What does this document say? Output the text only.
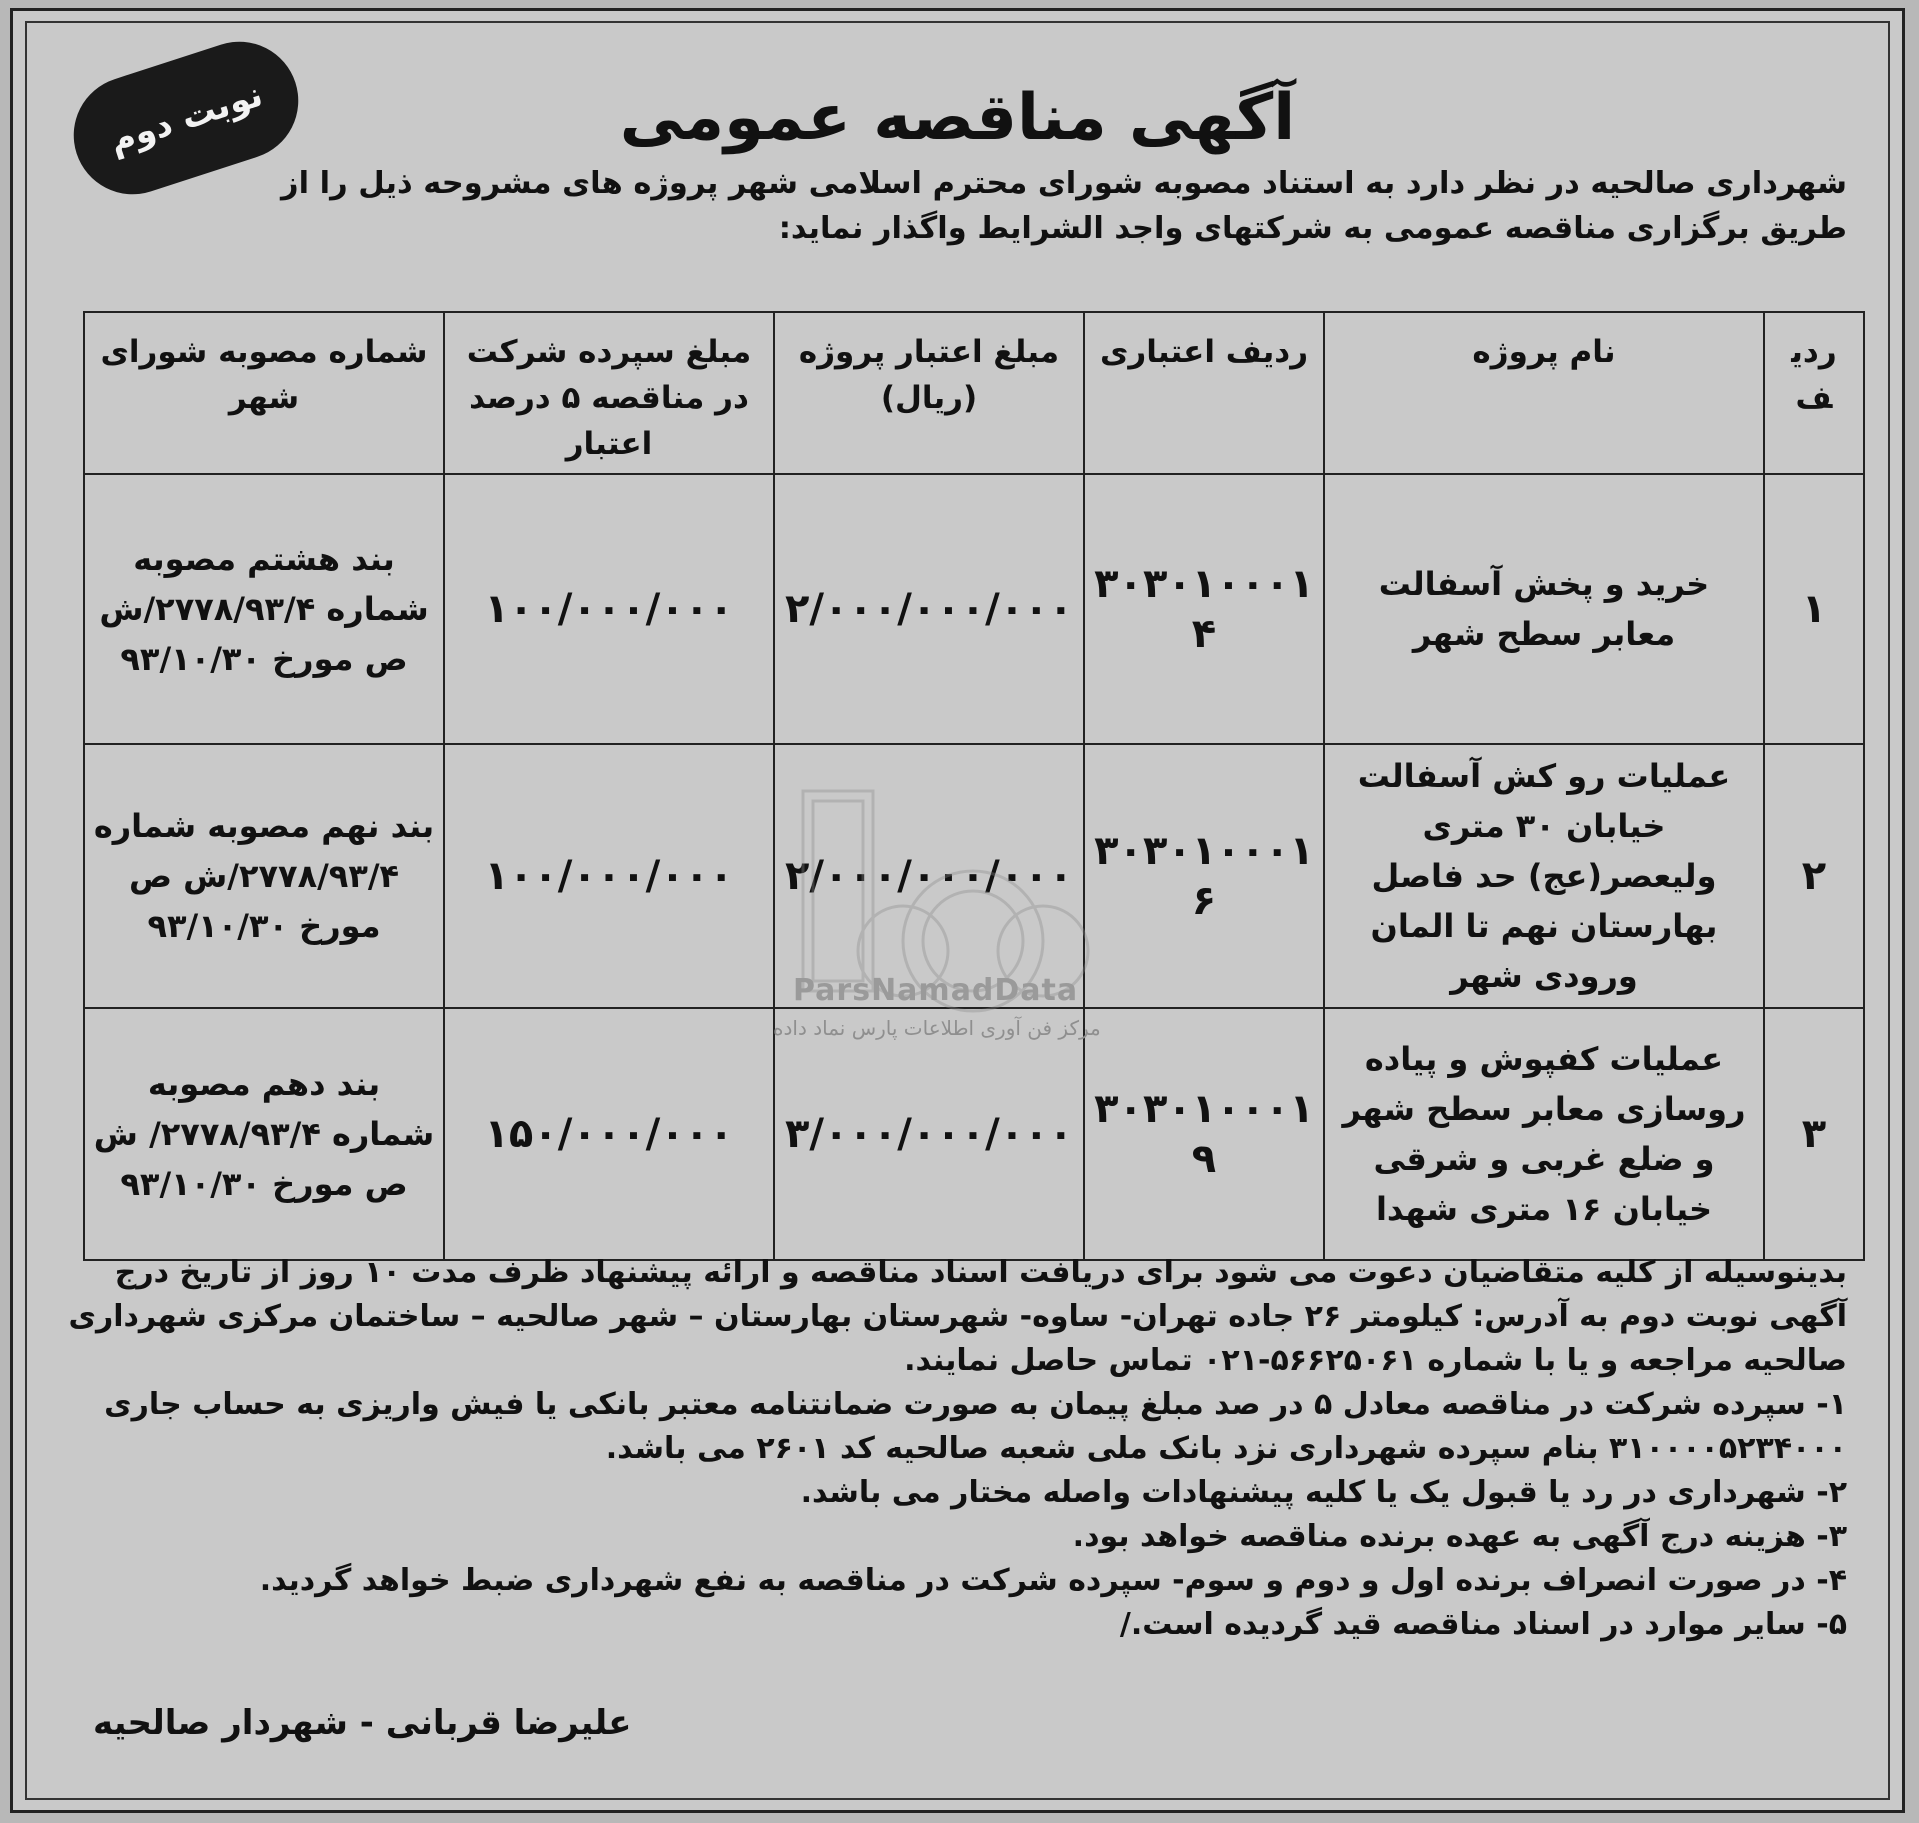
نوبت دوم	آگهی مناقصه عمومی
شهرداری صالحیه در نظر دارد به استناد مصوبه شورای محترم اسلامی شهر پروژه های مشروحه ذیل را از طریق برگزاری مناقصه عمومی به شرکتهای واجد الشرایط واگذار نماید:
ردیف	نام پروژه	ردیف اعتباری	مبلغ اعتبار پروژه (ریال)	مبلغ سپرده شرکت در مناقصه ۵ درصد اعتبار	شماره مصوبه شورای شهر
۱	خرید و پخش آسفالت معابر سطح شهر	۳۰۳۰۱۰۰۰۱۴	۲/۰۰۰/۰۰۰/۰۰۰	۱۰۰/۰۰۰/۰۰۰	بند هشتم مصوبه شماره ۲۷۷۸/۹۳/۴/ش ص مورخ ۹۳/۱۰/۳۰
۲	عملیات رو کش آسفالت خیابان ۳۰ متری ولیعصر(عج) حد فاصل بهارستان نهم تا المان ورودی شهر	۳۰۳۰۱۰۰۰۱۶	۲/۰۰۰/۰۰۰/۰۰۰	۱۰۰/۰۰۰/۰۰۰	بند نهم مصوبه شماره ۲۷۷۸/۹۳/۴/ش ص مورخ ۹۳/۱۰/۳۰
۳	عملیات کفپوش و پیاده روسازی معابر سطح شهر و ضلع غربی و شرقی خیابان ۱۶ متری شهدا	۳۰۳۰۱۰۰۰۱۹	۳/۰۰۰/۰۰۰/۰۰۰	۱۵۰/۰۰۰/۰۰۰	بند دهم مصوبه شماره ۲۷۷۸/۹۳/۴/ ش ص مورخ ۹۳/۱۰/۳۰
ParsNamadData
مرکز فن آوری اطلاعات پارس نماد داده

بدینوسیله از کلیه متقاضیان دعوت می شود برای دریافت اسناد مناقصه و ارائه پیشنهاد ظرف مدت ۱۰ روز از تاریخ درج آگهی نوبت دوم به آدرس: کیلومتر ۲۶ جاده تهران- ساوه- شهرستان بهارستان – شهر صالحیه – ساختمان مرکزی شهرداری صالحیه مراجعه و یا با شماره ۵۶۶۲۵۰۶۱-۰۲۱ تماس حاصل نمایند.

۱- سپرده شرکت در مناقصه معادل ۵ در صد مبلغ پیمان به صورت ضمانتنامه معتبر بانکی یا فیش واریزی به حساب جاری ۳۱۰۰۰۰۵۲۳۴۰۰۰ بنام سپرده شهرداری نزد بانک ملی شعبه صالحیه کد ۲۶۰۱ می باشد.

۲- شهرداری در رد یا قبول یک یا کلیه پیشنهادات واصله مختار می باشد.

۳- هزینه درج آگهی به عهده برنده مناقصه خواهد بود.

۴- در صورت انصراف برنده اول و دوم و سوم- سپرده شرکت در مناقصه به نفع شهرداری ضبط خواهد گردید.

۵- سایر موارد در اسناد مناقصه قید گردیده است./

علیرضا قربانی - شهردار صالحیه
